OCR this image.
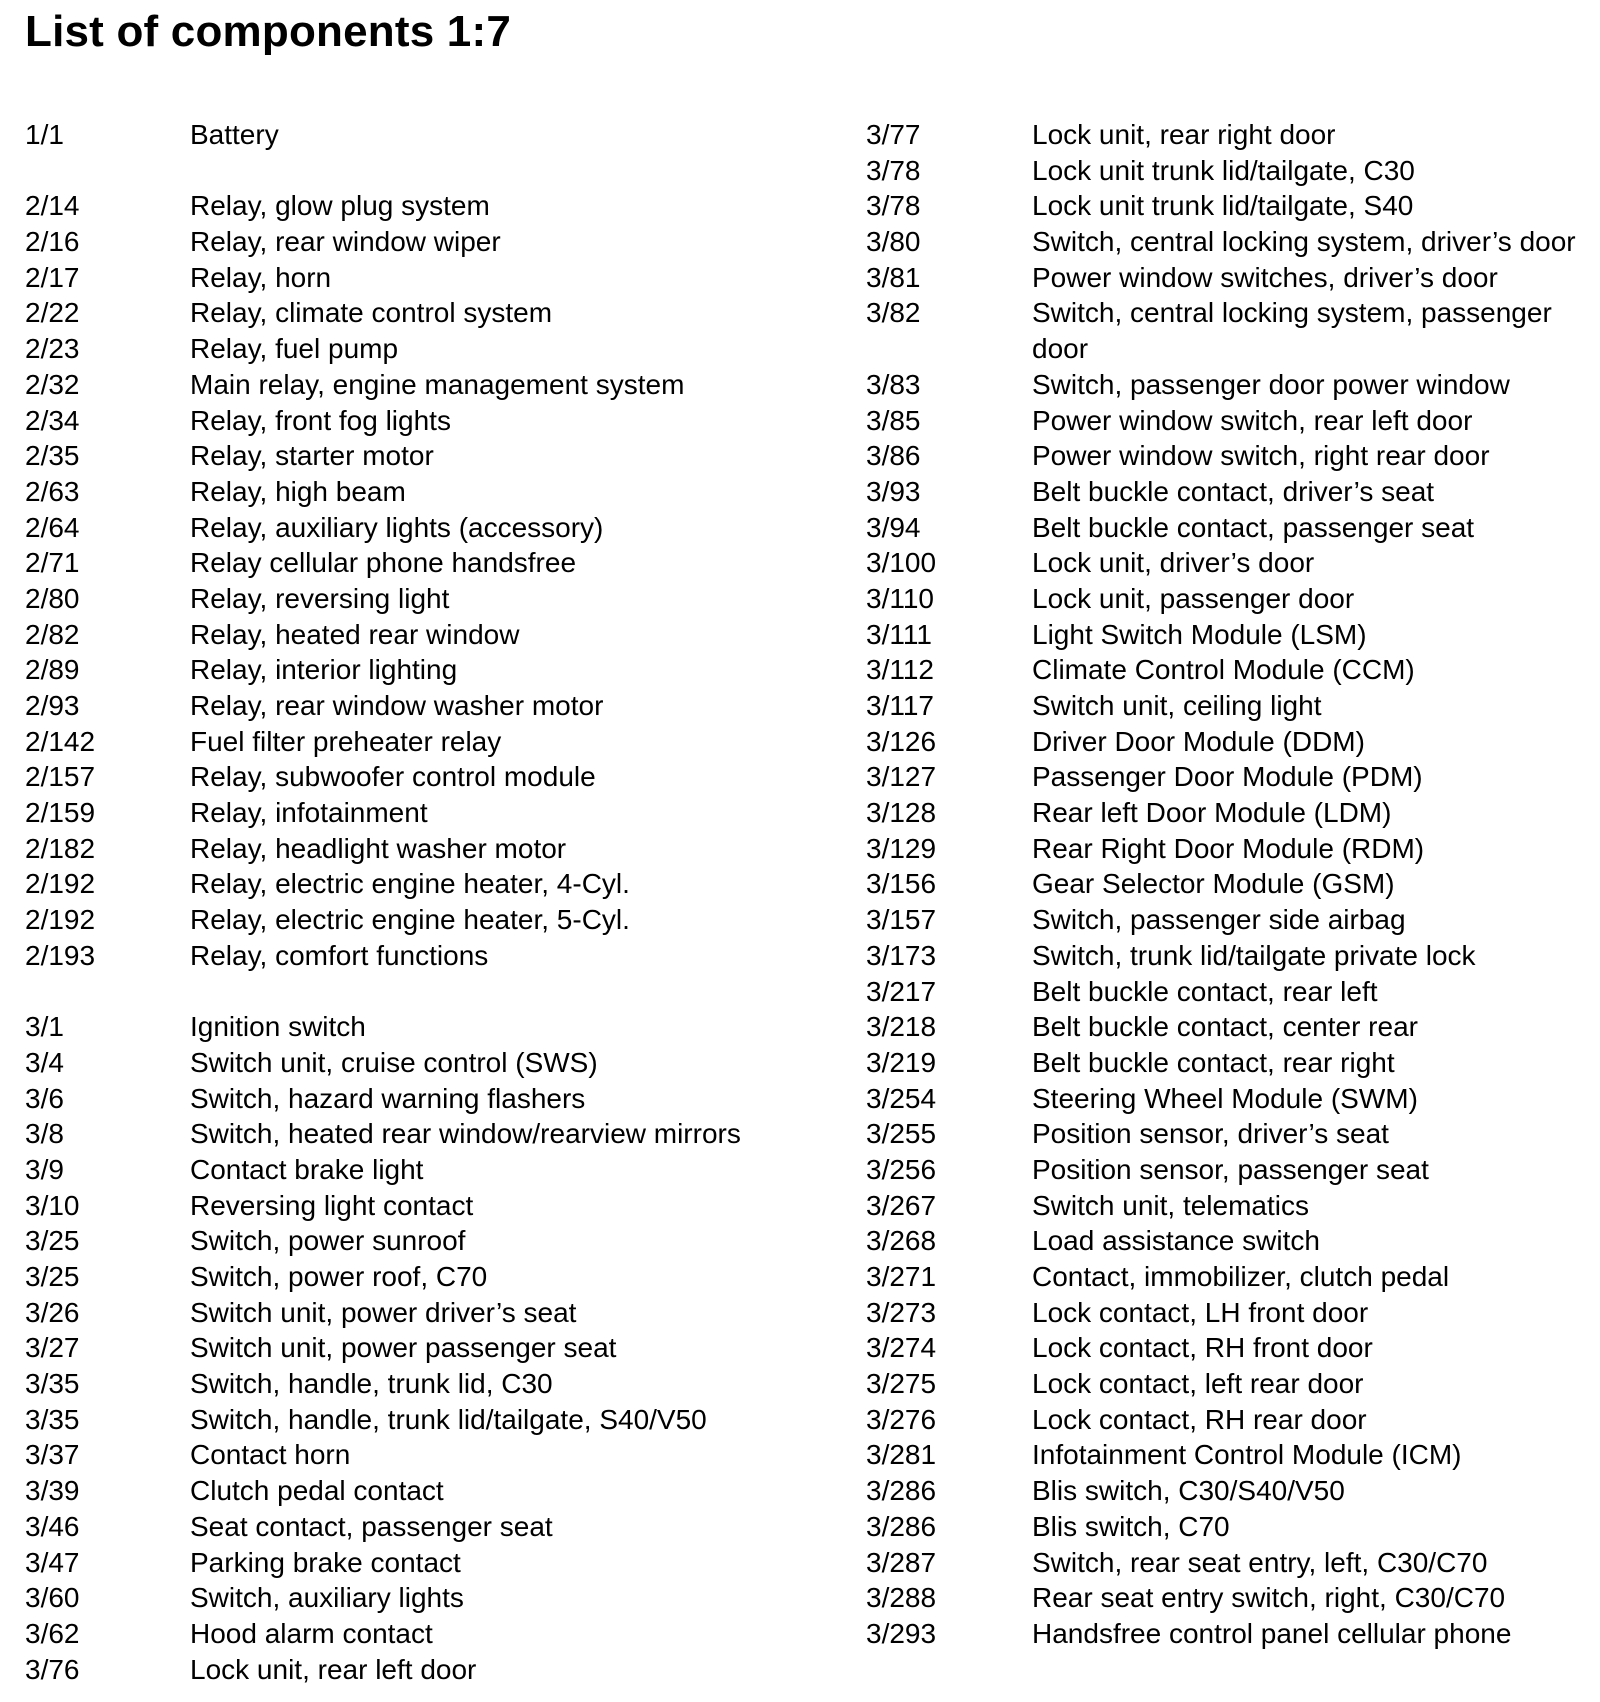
List of components 1:7
1/1	Battery
2/14	Relay, glow plug system
2/16	Relay, rear window wiper
2/17	Relay, horn
2/22	Relay, climate control system
2/23	Relay, fuel pump
2/32	Main relay, engine management system
2/34	Relay, front fog lights
2/35	Relay, starter motor
2/63	Relay, high beam
2/64	Relay, auxiliary lights (accessory)
2/71	Relay cellular phone handsfree
2/80	Relay, reversing light
2/82	Relay, heated rear window
2/89	Relay, interior lighting
2/93	Relay, rear window washer motor
2/142	Fuel filter preheater relay
2/157	Relay, subwoofer control module
2/159	Relay, infotainment
2/182	Relay, headlight washer motor
2/192	Relay, electric engine heater, 4-Cyl.
2/192	Relay, electric engine heater, 5-Cyl.
2/193	Relay, comfort functions
3/1	Ignition switch
3/4	Switch unit, cruise control (SWS)
3/6	Switch, hazard warning flashers
3/8	Switch, heated rear window/rearview mirrors
3/9	Contact brake light
3/10	Reversing light contact
3/25	Switch, power sunroof
3/25	Switch, power roof, C70
3/26	Switch unit, power driver’s seat
3/27	Switch unit, power passenger seat
3/35	Switch, handle, trunk lid, C30
3/35	Switch, handle, trunk lid/tailgate, S40/V50
3/37	Contact horn
3/39	Clutch pedal contact
3/46	Seat contact, passenger seat
3/47	Parking brake contact
3/60	Switch, auxiliary lights
3/62	Hood alarm contact
3/76	Lock unit, rear left door
3/77	Lock unit, rear right door
3/78	Lock unit trunk lid/tailgate, C30
3/78	Lock unit trunk lid/tailgate, S40
3/80	Switch, central locking system, driver’s door
3/81	Power window switches, driver’s door
3/82	Switch, central locking system, passenger
door
3/83	Switch, passenger door power window
3/85	Power window switch, rear left door
3/86	Power window switch, right rear door
3/93	Belt buckle contact, driver’s seat
3/94	Belt buckle contact, passenger seat
3/100	Lock unit, driver’s door
3/110	Lock unit, passenger door
3/111	Light Switch Module (LSM)
3/112	Climate Control Module (CCM)
3/117	Switch unit, ceiling light
3/126	Driver Door Module (DDM)
3/127	Passenger Door Module (PDM)
3/128	Rear left Door Module (LDM)
3/129	Rear Right Door Module (RDM)
3/156	Gear Selector Module (GSM)
3/157	Switch, passenger side airbag
3/173	Switch, trunk lid/tailgate private lock
3/217	Belt buckle contact, rear left
3/218	Belt buckle contact, center rear
3/219	Belt buckle contact, rear right
3/254	Steering Wheel Module (SWM)
3/255	Position sensor, driver’s seat
3/256	Position sensor, passenger seat
3/267	Switch unit, telematics
3/268	Load assistance switch
3/271	Contact, immobilizer, clutch pedal
3/273	Lock contact, LH front door
3/274	Lock contact, RH front door
3/275	Lock contact, left rear door
3/276	Lock contact, RH rear door
3/281	Infotainment Control Module (ICM)
3/286	Blis switch, C30/S40/V50
3/286	Blis switch, C70
3/287	Switch, rear seat entry, left, C30/C70
3/288	Rear seat entry switch, right, C30/C70
3/293	Handsfree control panel cellular phone
